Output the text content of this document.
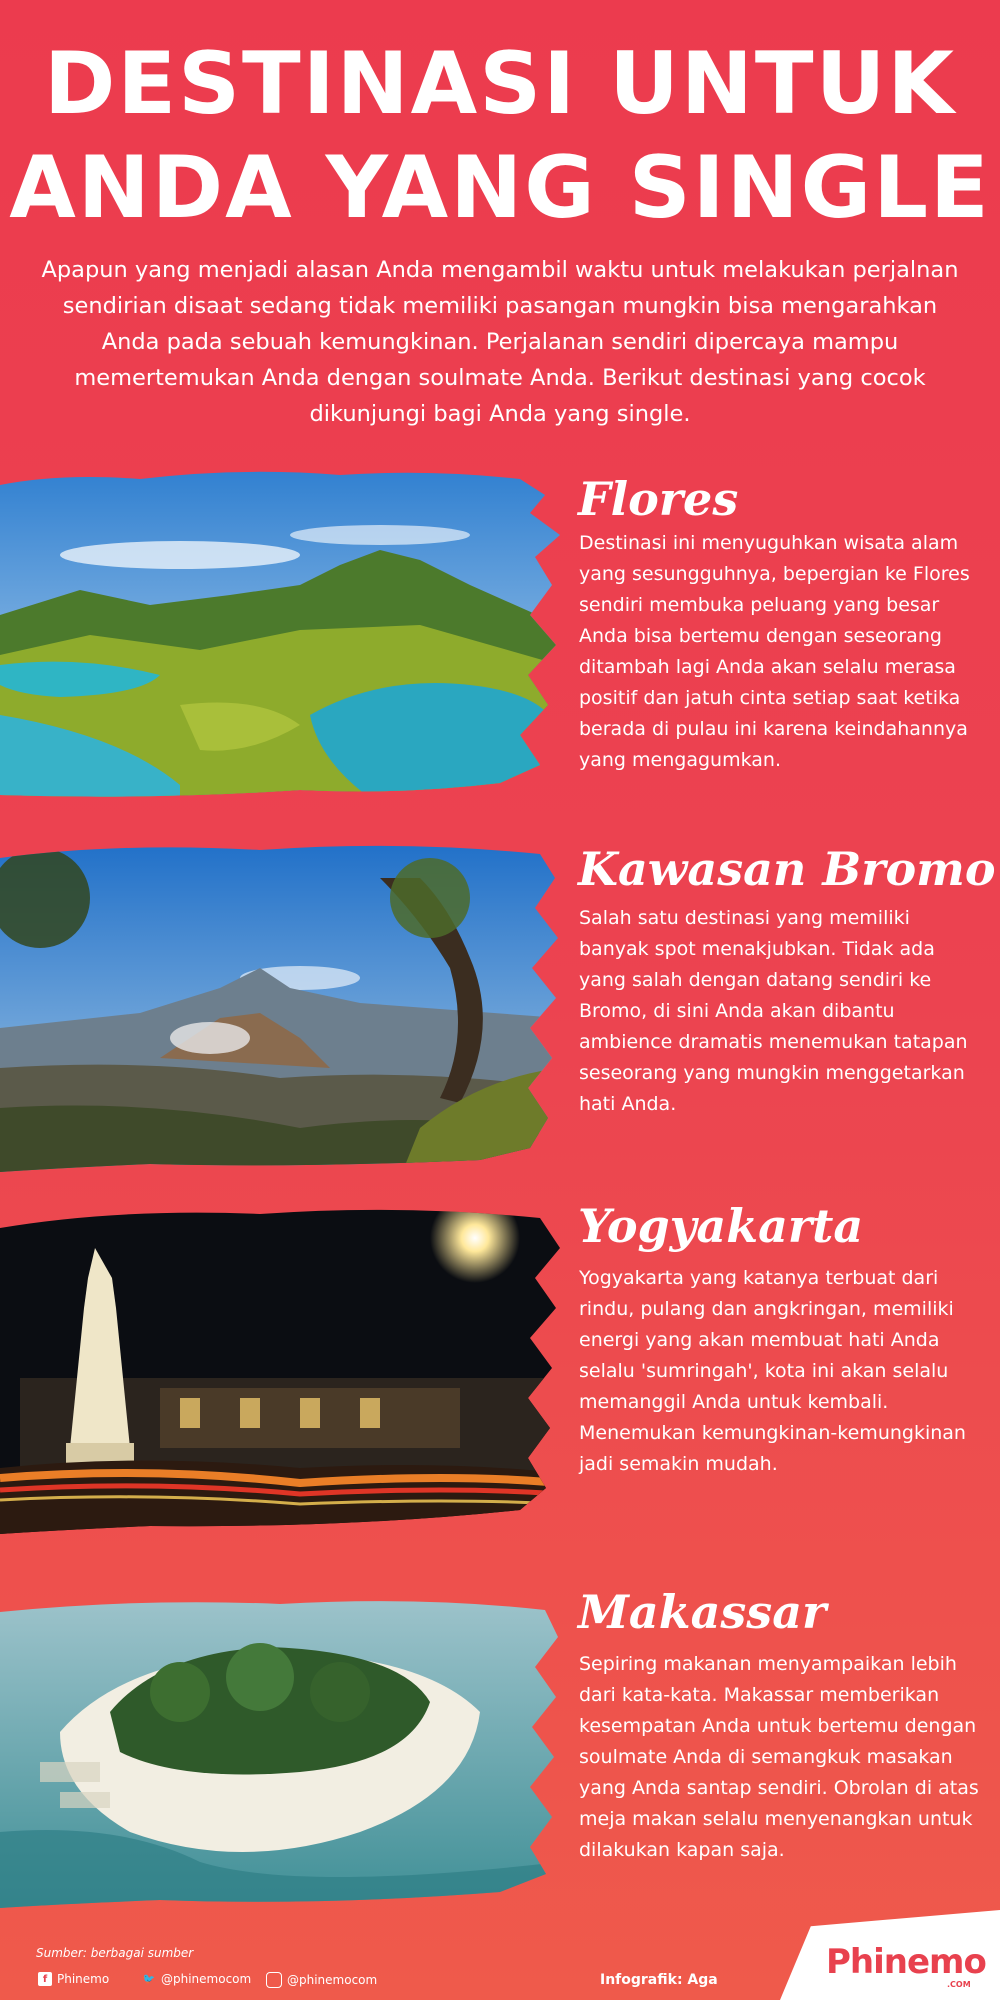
DESTINASI UNTUK
ANDA YANG SINGLE

Apapun yang menjadi alasan Anda mengambil waktu untuk melakukan perjalnan sendirian disaat sedang tidak memiliki pasangan mungkin bisa mengarahkan Anda pada sebuah kemungkinan. Perjalanan sendiri dipercaya mampu memertemukan Anda dengan soulmate Anda. Berikut destinasi yang cocok dikunjungi bagi Anda yang single.

Flores

Destinasi ini menyuguhkan wisata alam yang sesungguhnya, bepergian ke Flores sendiri membuka peluang yang besar Anda bisa bertemu dengan seseorang ditambah lagi Anda akan selalu merasa positif dan jatuh cinta setiap saat ketika berada di pulau ini karena keindahannya yang mengagumkan.

Kawasan Bromo

Salah satu destinasi yang memiliki banyak spot menakjubkan. Tidak ada yang salah dengan datang sendiri ke Bromo, di sini Anda akan dibantu ambience dramatis menemukan tatapan seseorang yang mungkin menggetarkan hati Anda.

Yogyakarta

Yogyakarta yang katanya terbuat dari rindu, pulang dan angkringan, memiliki energi yang akan membuat hati Anda selalu 'sumringah', kota ini akan selalu memanggil Anda untuk kembali. Menemukan kemungkinan-kemungkinan jadi semakin mudah.

Makassar

Sepiring makanan menyampaikan lebih dari kata-kata. Makassar memberikan kesempatan Anda untuk bertemu dengan soulmate Anda di semangkuk masakan yang Anda santap sendiri. Obrolan di atas meja makan selalu menyenangkan untuk dilakukan kapan saja.

Sumber: berbagai sumber

f Phinemo	🐦 @phinemocom	@phinemocom	Infografik: Aga	Phinemo
.COM
